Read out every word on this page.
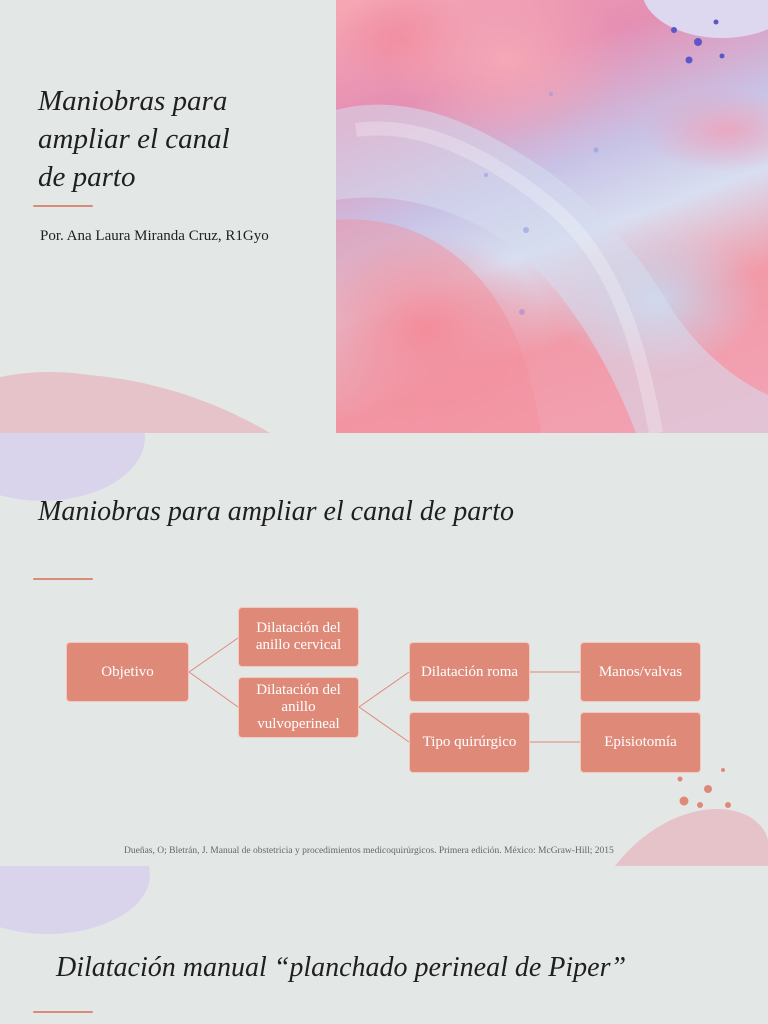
Maniobras para
ampliar el canal
de parto
Por. Ana Laura Miranda Cruz, R1Gyo
Maniobras para ampliar el canal de parto
Objetivo
Dilatación del anillo cervical
Dilatación del anillo vulvoperineal
Dilatación roma
Tipo quirúrgico
Manos/valvas
Episiotomía
Dueñas, O; Bletrán, J. Manual de obstetricia y procedimientos medicoquirúrgicos. Primera edición. México: McGraw-Hill; 2015
Dilatación manual “planchado perineal de Piper”
